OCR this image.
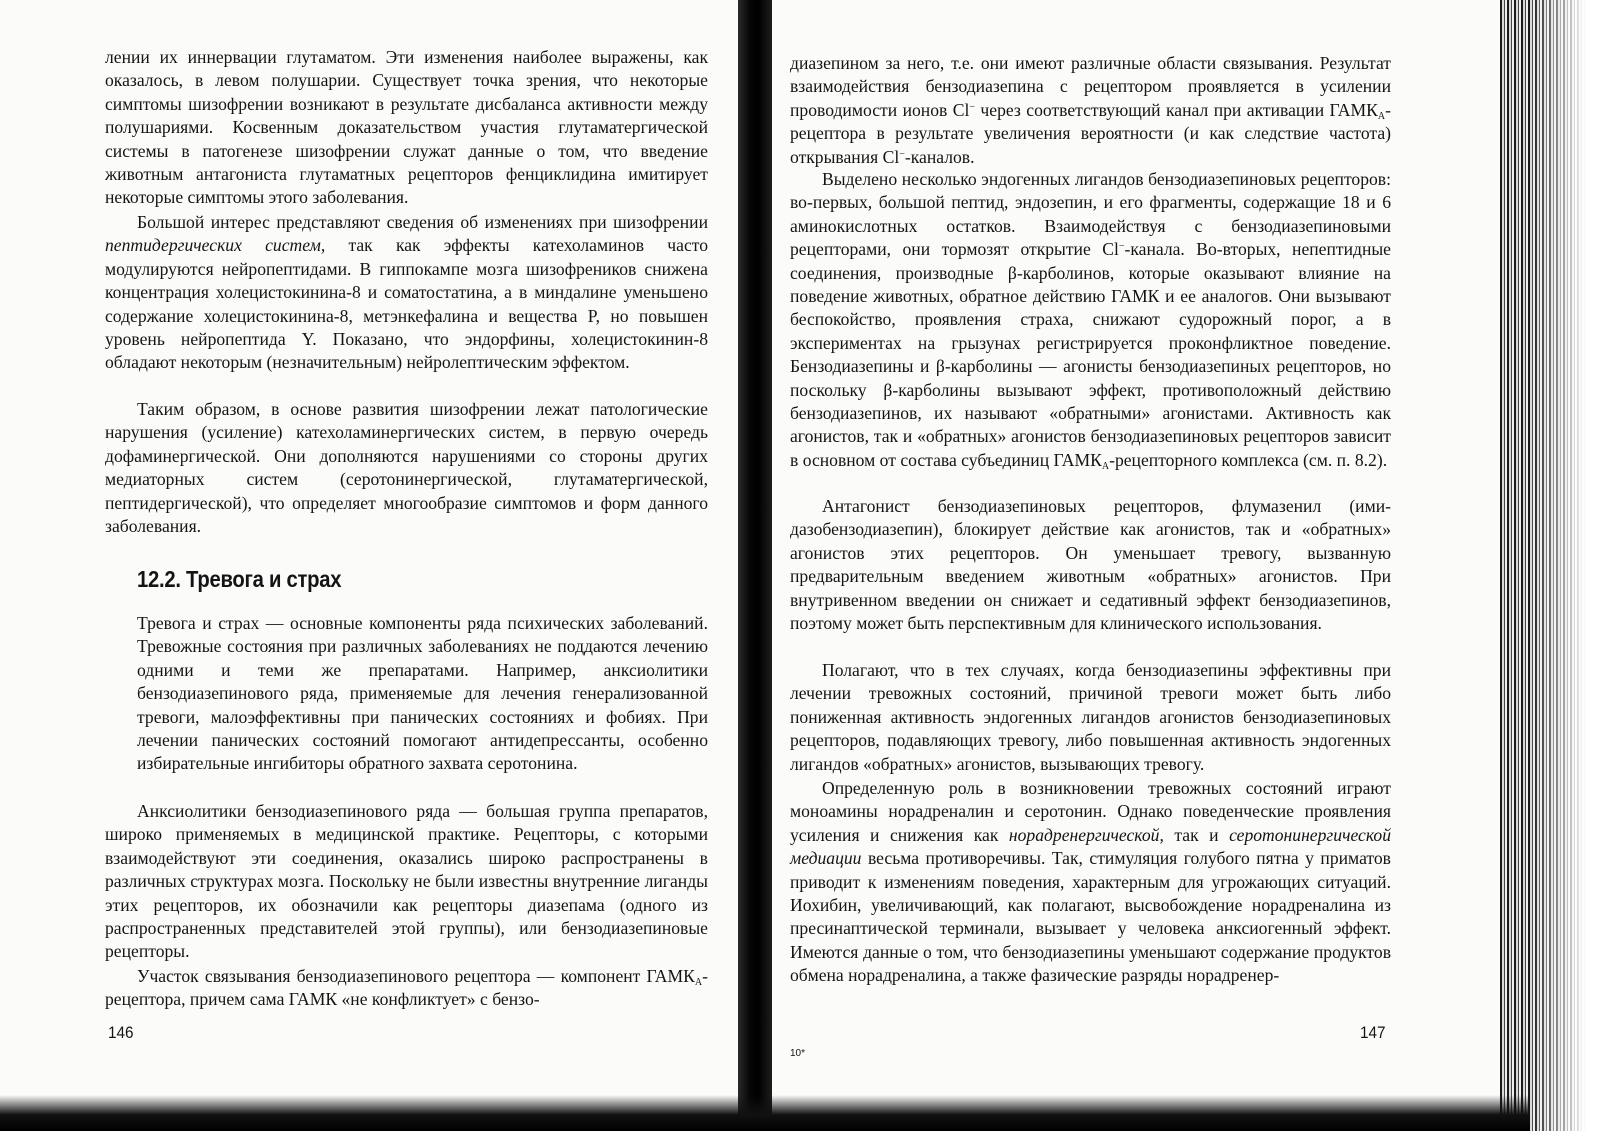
лении их иннервации глутаматом. Эти изменения наиболее выражены, как оказалось, в левом полушарии. Существует точка зрения, что некоторые симптомы шизофрении возникают в результате дисбаланса активности между полушариями. Косвенным доказательством участия глутаматергической системы в патогенезе шизофрении служат данные о том, что введение животным антагониста глутаматных рецепторов фенциклидина имитирует некоторые симптомы этого заболевания.

Большой интерес представляют сведения об изменениях при шизофрении пептидергических систем, так как эффекты катехоламинов часто модулируются нейропептидами. В гиппокампе мозга шизофреников снижена концентрация холецистокинина-8 и соматостатина, а в миндалине уменьшено содержание холецистокинина-8, метэнкефалина и вещества P, но повышен уровень нейропептида Y. Показано, что эндорфины, холецистокинин-8 обладают некоторым (незначительным) нейролептическим эффектом.

Таким образом, в основе развития шизофрении лежат патологические нарушения (усиление) катехоламинергических систем, в первую очередь дофаминергической. Они дополняются нарушениями со стороны других медиаторных систем (серотонинергической, глутаматергической, пептидергической), что определяет многообразие симптомов и форм данного заболевания.

12.2. Тревога и страх

Тревога и страх — основные компоненты ряда психических заболеваний. Тревожные состояния при различных заболеваниях не поддаются лечению одними и теми же препаратами. Например, анксиолитики бензодиазепинового ряда, применяемые для лечения генерализованной тревоги, малоэффективны при панических состояниях и фобиях. При лечении панических состояний помогают антидепрессанты, особенно избирательные ингибиторы обратного захвата серотонина.

Анксиолитики бензодиазепинового ряда — большая группа препаратов, широко применяемых в медицинской практике. Рецепторы, с которыми взаимодействуют эти соединения, оказались широко распространены в различных структурах мозга. Поскольку не были известны внутренние лиганды этих рецепторов, их обозначили как рецепторы диазепама (одного из распространенных представителей этой группы), или бензодиазепиновые рецепторы.

Участок связывания бензодиазепинового рецептора — компонент $ГАМК_А$-рецептора, причем сама ГАМК «не конфликтует» с бензо-

146

диазепином за него, т.е. они имеют различные области связывания. Результат взаимодействия бензодиазепина с рецептором проявляется в усилении проводимости ионов Cl− через соответствующий канал при активации $ГАМК_А$-рецептора в результате увеличения вероятности (и как следствие частота) открывания Cl−-каналов.

Выделено несколько эндогенных лигандов бензодиазепиновых рецепторов: во-первых, большой пептид, эндозепин, и его фрагменты, содержащие 18 и 6 аминокислотных остатков. Взаимодействуя с бензодиазепиновыми рецепторами, они тормозят открытие Cl−-канала. Во-вторых, непептидные соединения, производные β-карболинов, которые оказывают влияние на поведение животных, обратное действию ГАМК и ее аналогов. Они вызывают беспокойство, проявления страха, снижают судорожный порог, а в экспериментах на грызунах регистрируется проконфликтное поведение. Бензодиазепины и β-карболины — агонисты бензодиазепиных рецепторов, но поскольку β-карболины вызывают эффект, противоположный действию бензодиазепинов, их называют «обратными» агонистами. Активность как агонистов, так и «обратных» агонистов бензодиазепиновых рецепторов зависит в основном от состава субъединиц $ГАМК_А$-рецепторного комплекса (см. п. 8.2).

Антагонист бензодиазепиновых рецепторов, флумазенил (имидазобензодиазепин), блокирует действие как агонистов, так и «обратных» агонистов этих рецепторов. Он уменьшает тревогу, вызванную предварительным введением животным «обратных» агонистов. При внутривенном введении он снижает и седативный эффект бензодиазепинов, поэтому может быть перспективным для клинического использования.

Полагают, что в тех случаях, когда бензодиазепины эффективны при лечении тревожных состояний, причиной тревоги может быть либо пониженная активность эндогенных лигандов агонистов бензодиазепиновых рецепторов, подавляющих тревогу, либо повышенная активность эндогенных лигандов «обратных» агонистов, вызывающих тревогу.

Определенную роль в возникновении тревожных состояний играют моноамины норадреналин и серотонин. Однако поведенческие проявления усиления и снижения как норадренергической, так и серотонинергической медиации весьма противоречивы. Так, стимуляция голубого пятна у приматов приводит к изменениям поведения, характерным для угрожающих ситуаций. Иохибин, увеличивающий, как полагают, высвобождение норадреналина из пресинаптической терминали, вызывает у человека анксиогенный эффект. Имеются данные о том, что бензодиазепины уменьшают содержание продуктов обмена норадреналина, а также фазические разряды норадренер-

147
10*
